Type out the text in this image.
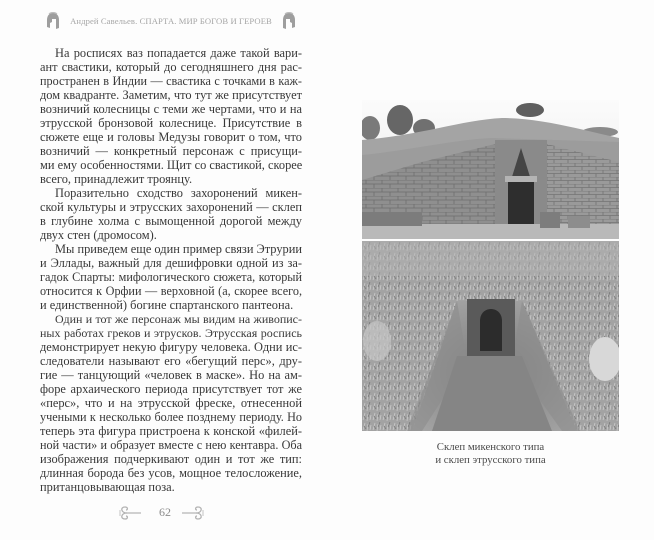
Андрей Савельев. СПАРТА. МИР БОГОВ И ГЕРОЕВ
На росписях ваз попадается даже такой вари-
ант свастики, который до сегодняшнего дня рас-
пространен в Индии — свастика с точками в каж-
дом квадранте. Заметим, что тут же присутствует
возничий колесницы с теми же чертами, что и на
этрусской бронзовой колеснице. Присутствие в
сюжете еще и головы Медузы говорит о том, что
возничий — конкретный персонаж с присущи-
ми ему особенностями. Щит со свастикой, скорее
всего, принадлежит троянцу.
Поразительно сходство захоронений микен-
ской культуры и этрусских захоронений — склеп
в глубине холма с вымощенной дорогой между
двух стен (дромосом).
Мы приведем еще один пример связи Этрурии
и Эллады, важный для дешифровки одной из за-
гадок Спарты: мифологического сюжета, который
относится к Орфии — верховной (а, скорее всего,
и единственной) богине спартанского пантеона.
Один и тот же персонаж мы видим на живопис-
ных работах греков и этрусков. Этрусская роспись
демонстрирует некую фигуру человека. Одни ис-
следователи называют его «бегущий перс», дру-
гие — танцующий «человек в маске». Но на ам-
форе архаического периода присутствует тот же
«перс», что и на этрусской фреске, отнесенной
учеными к несколько более позднему периоду. Но
теперь эта фигура пристроена к конской «филей-
ной части» и образует вместе с нею кентавра. Оба
изображения подчеркивают один и тот же тип:
длинная борода без усов, мощное телосложение,
пританцовывающая поза.
62
Склеп микенского типа
и склеп этрусского типа
